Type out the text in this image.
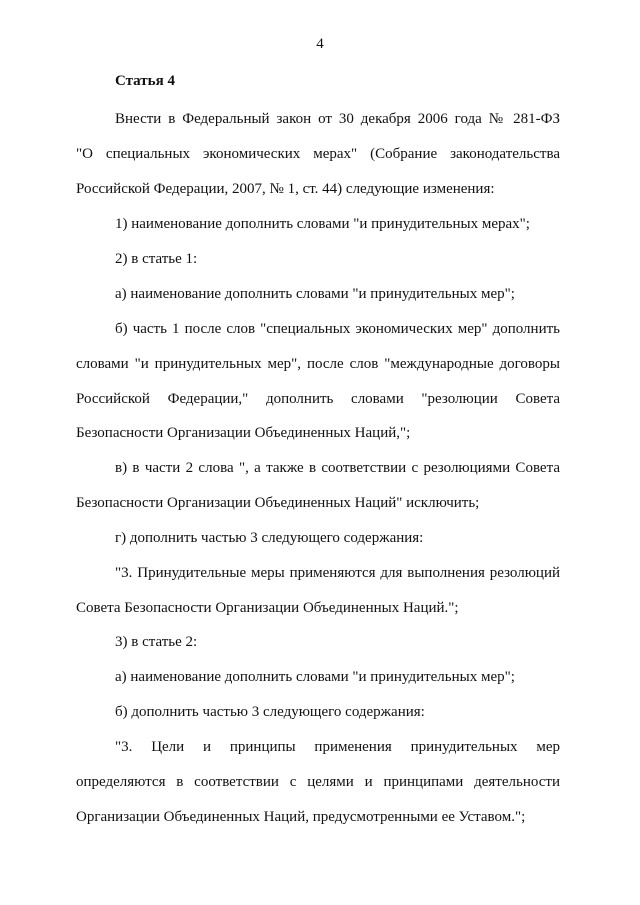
4

Статья 4

Внести в Федеральный закон от 30 декабря 2006 года № 281-ФЗ

"О специальных экономических мерах" (Собрание законодательства

Российской Федерации, 2007, № 1, ст. 44) следующие изменения:

1) наименование дополнить словами "и принудительных мерах";

2) в статье 1:

а) наименование дополнить словами "и принудительных мер";

б) часть 1 после слов "специальных экономических мер" дополнить

словами "и принудительных мер", после слов "международные договоры

Российской Федерации," дополнить словами "резолюции Совета

Безопасности Организации Объединенных Наций,";

в) в части 2 слова ", а также в соответствии с резолюциями Совета

Безопасности Организации Объединенных Наций" исключить;

г) дополнить частью 3 следующего содержания:

"3. Принудительные меры применяются для выполнения резолюций

Совета Безопасности Организации Объединенных Наций.";

3) в статье 2:

а) наименование дополнить словами "и принудительных мер";

б) дополнить частью 3 следующего содержания:

"3. Цели и принципы применения принудительных мер

определяются в соответствии с целями и принципами деятельности

Организации Объединенных Наций, предусмотренными ее Уставом.";
